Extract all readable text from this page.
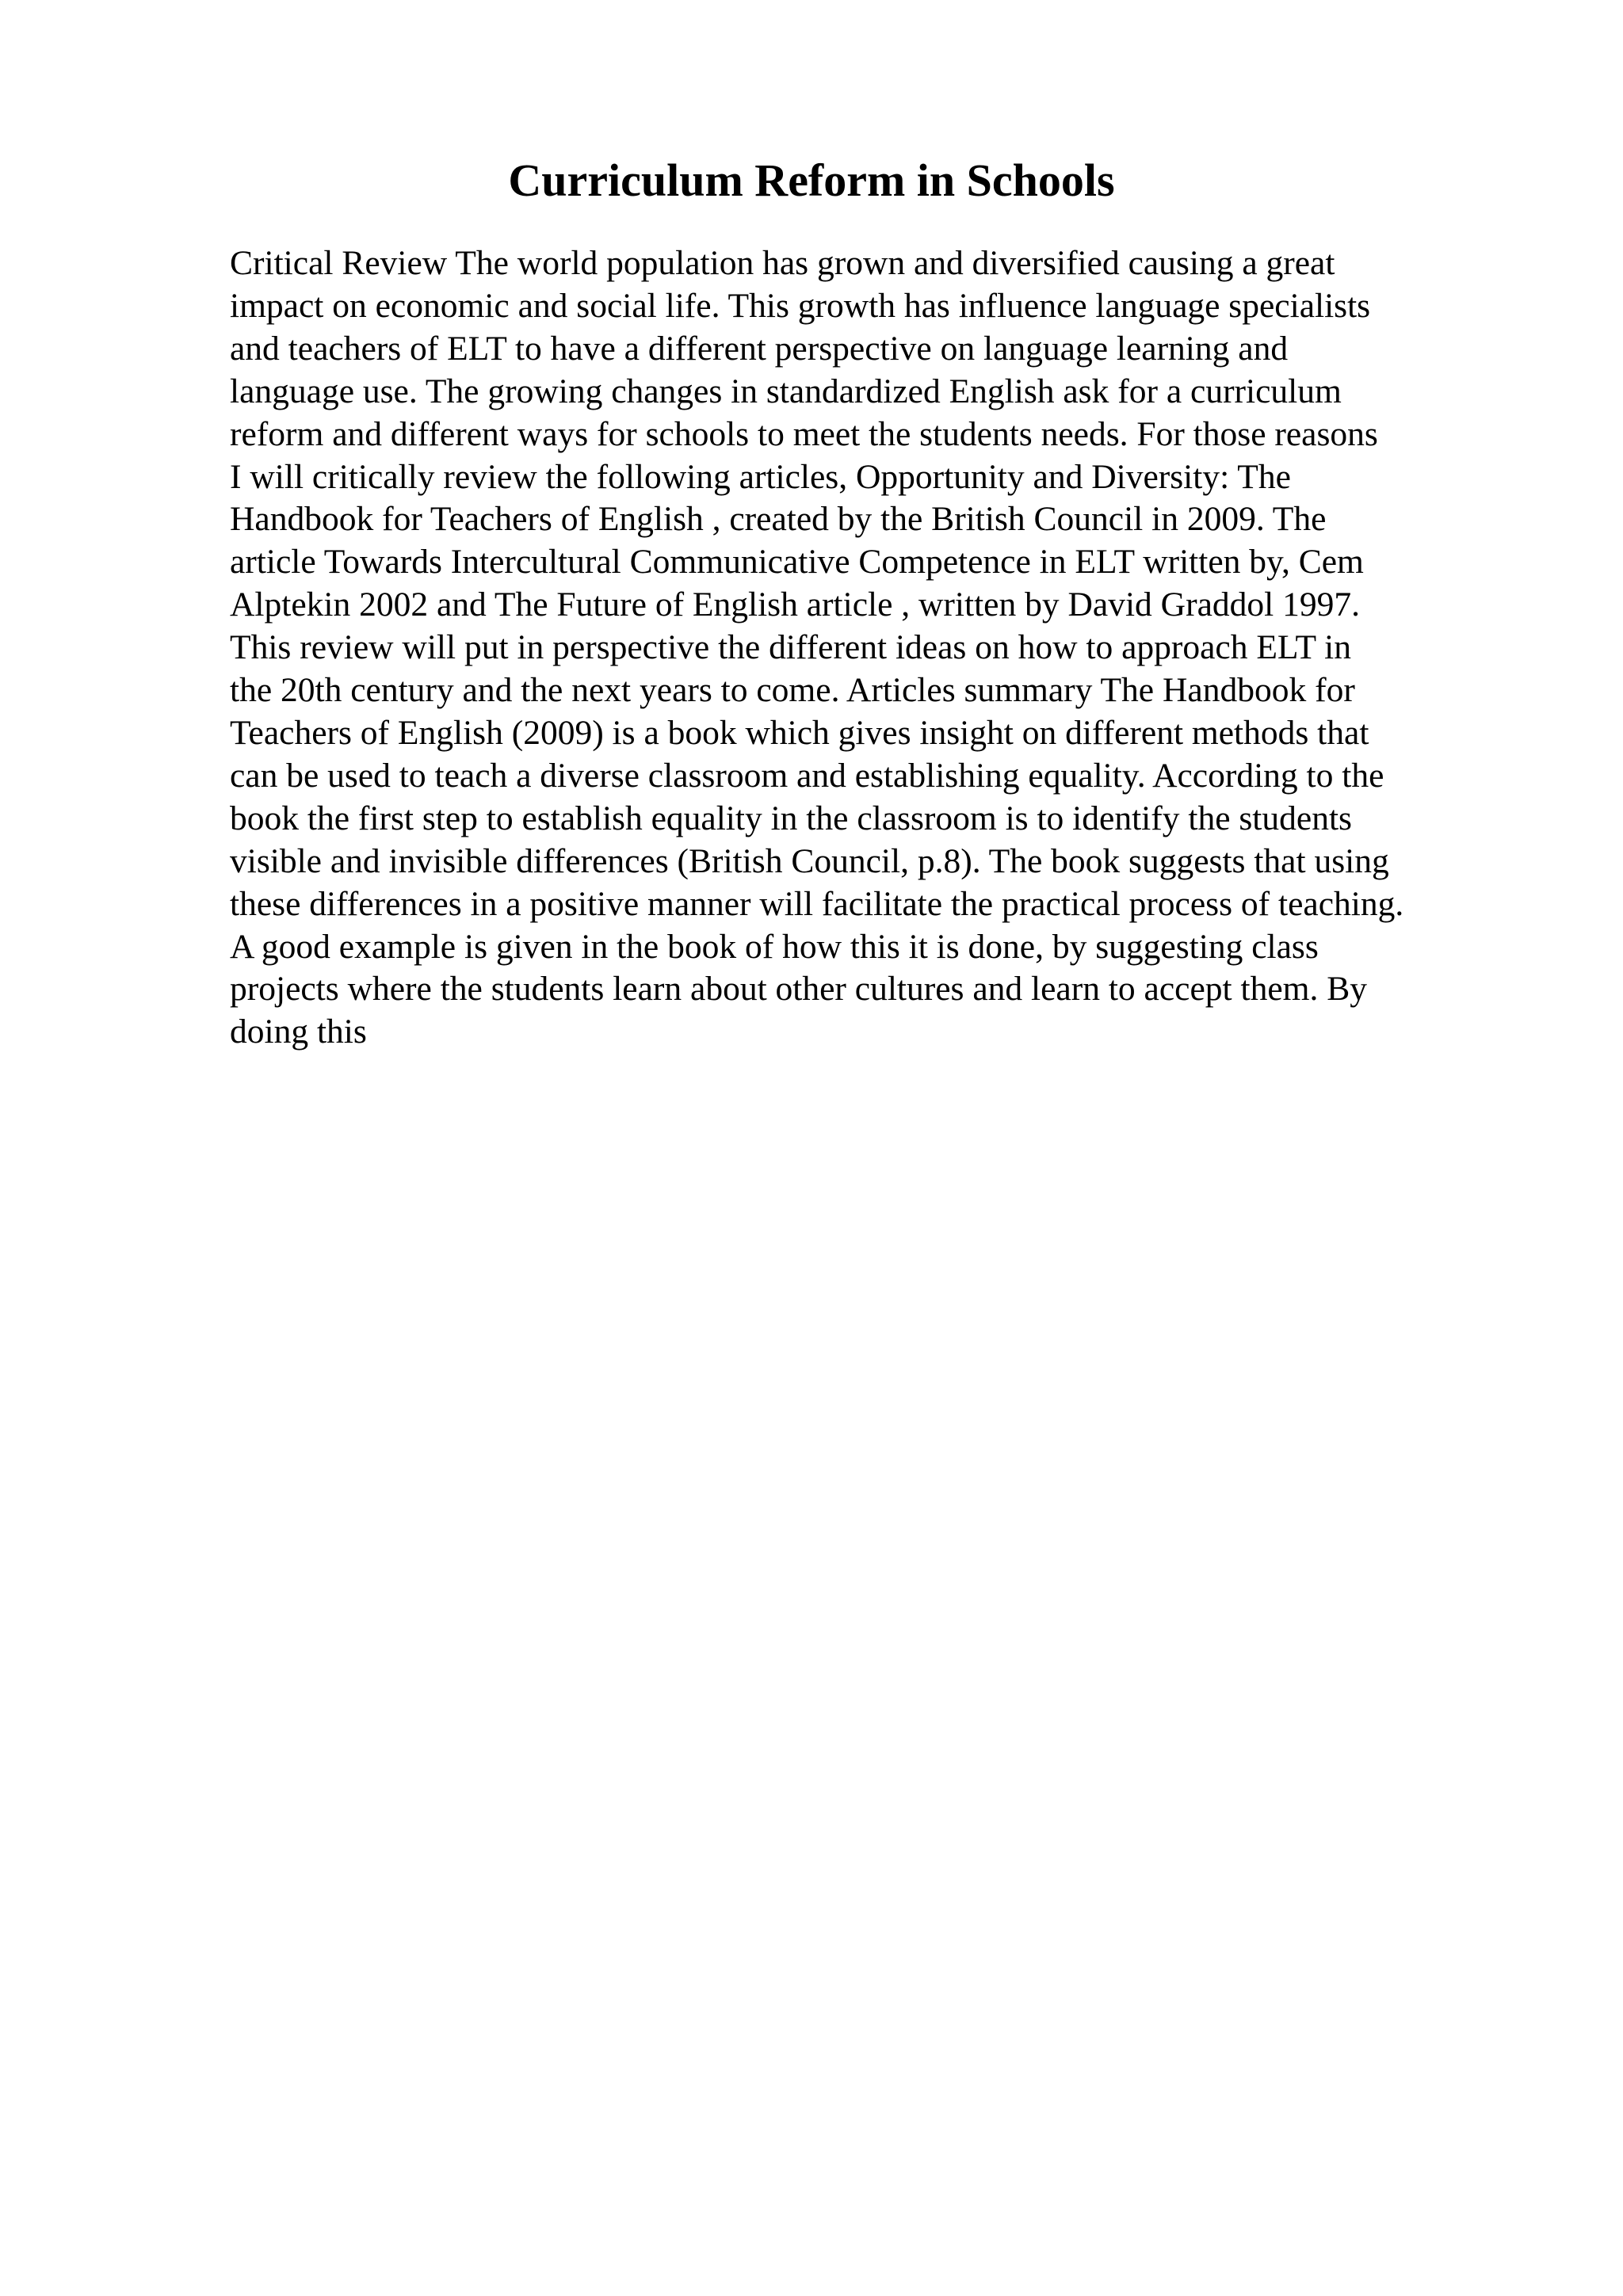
Curriculum Reform in Schools
Critical Review The world population has grown and diversified causing a great
impact on economic and social life. This growth has influence language specialists
and teachers of ELT to have a different perspective on language learning and
language use. The growing changes in standardized English ask for a curriculum
reform and different ways for schools to meet the students needs. For those reasons
I will critically review the following articles, Opportunity and Diversity: The
Handbook for Teachers of English , created by the British Council in 2009. The
article Towards Intercultural Communicative Competence in ELT written by, Cem
Alptekin 2002 and The Future of English article , written by David Graddol 1997.
This review will put in perspective the different ideas on how to approach ELT in
the 20th century and the next years to come. Articles summary The Handbook for
Teachers of English (2009) is a book which gives insight on different methods that
can be used to teach a diverse classroom and establishing equality. According to the
book the first step to establish equality in the classroom is to identify the students
visible and invisible differences (British Council, p.8). The book suggests that using
these differences in a positive manner will facilitate the practical process of teaching.
A good example is given in the book of how this it is done, by suggesting class
projects where the students learn about other cultures and learn to accept them. By
doing this
